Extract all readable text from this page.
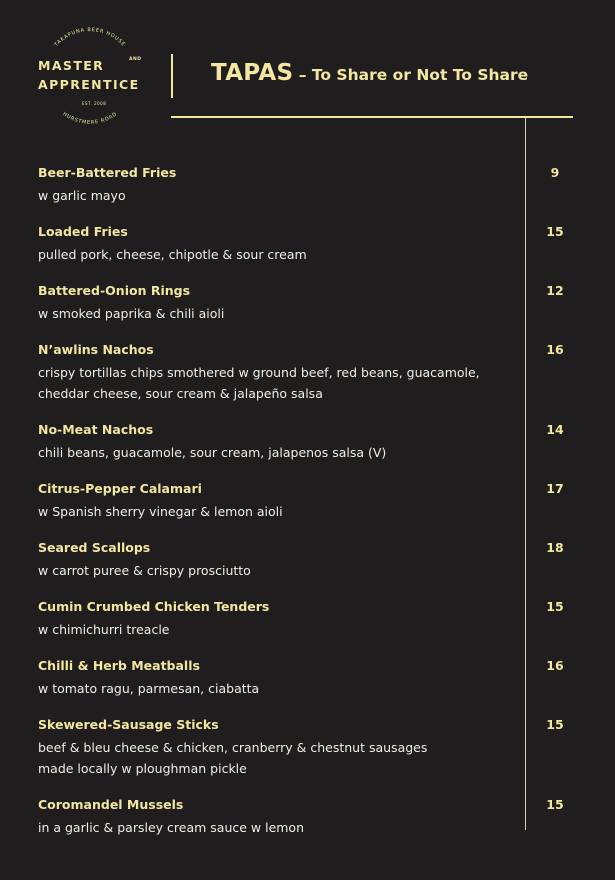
TAKAPUNA BEER HOUSE
HURSTMERE ROAD
MASTER	AND
APPRENTICE
EST. 2008
TAPAS – To Share or Not To Share
Beer-Battered Fries
w garlic mayo
9
Loaded Fries
pulled pork, cheese, chipotle & sour cream
15
Battered-Onion Rings
w smoked paprika & chili aioli
12
N’awlins Nachos
crispy tortillas chips smothered w ground beef, red beans, guacamole,
cheddar cheese, sour cream & jalapeño salsa
16
No-Meat Nachos
chili beans, guacamole, sour cream, jalapenos salsa (V)
14
Citrus-Pepper Calamari
w Spanish sherry vinegar & lemon aioli
17
Seared Scallops
w carrot puree & crispy prosciutto
18
Cumin Crumbed Chicken Tenders
w chimichurri treacle
15
Chilli & Herb Meatballs
w tomato ragu, parmesan, ciabatta
16
Skewered-Sausage Sticks
beef & bleu cheese & chicken, cranberry & chestnut sausages
made locally w ploughman pickle
15
Coromandel Mussels
in a garlic & parsley cream sauce w lemon
15
